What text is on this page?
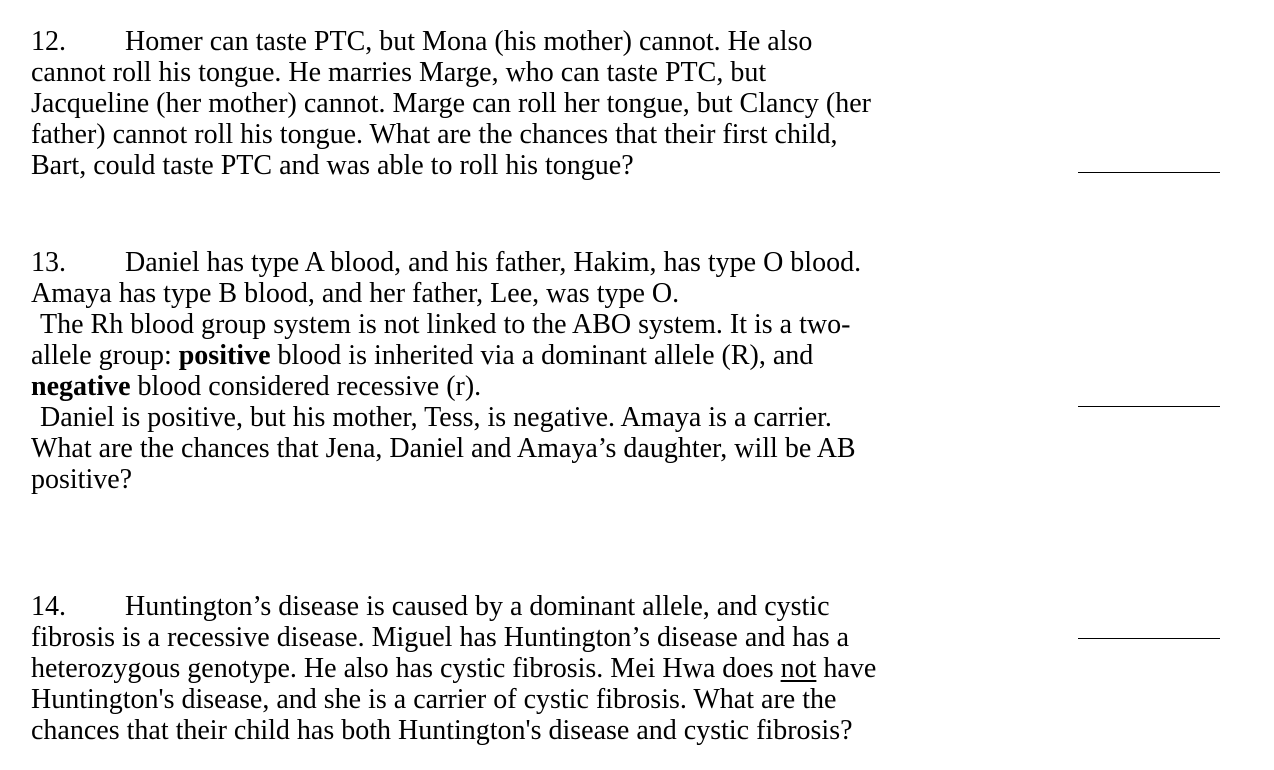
12. Homer can taste PTC, but Mona (his mother) cannot. He also
cannot roll his tongue. He marries Marge, who can taste PTC, but
Jacqueline (her mother) cannot. Marge can roll her tongue, but Clancy (her
father) cannot roll his tongue. What are the chances that their first child,
Bart, could taste PTC and was able to roll his tongue?
13. Daniel has type A blood, and his father, Hakim, has type O blood.
Amaya has type B blood, and her father, Lee, was type O.
The Rh blood group system is not linked to the ABO system. It is a two-
allele group: positive blood is inherited via a dominant allele (R), and
negative blood considered recessive (r).
Daniel is positive, but his mother, Tess, is negative. Amaya is a carrier.
What are the chances that Jena, Daniel and Amaya’s daughter, will be AB
positive?
14. Huntington’s disease is caused by a dominant allele, and cystic
fibrosis is a recessive disease. Miguel has Huntington’s disease and has a
heterozygous genotype. He also has cystic fibrosis. Mei Hwa does not have
Huntington's disease, and she is a carrier of cystic fibrosis. What are the
chances that their child has both Huntington's disease and cystic fibrosis?
